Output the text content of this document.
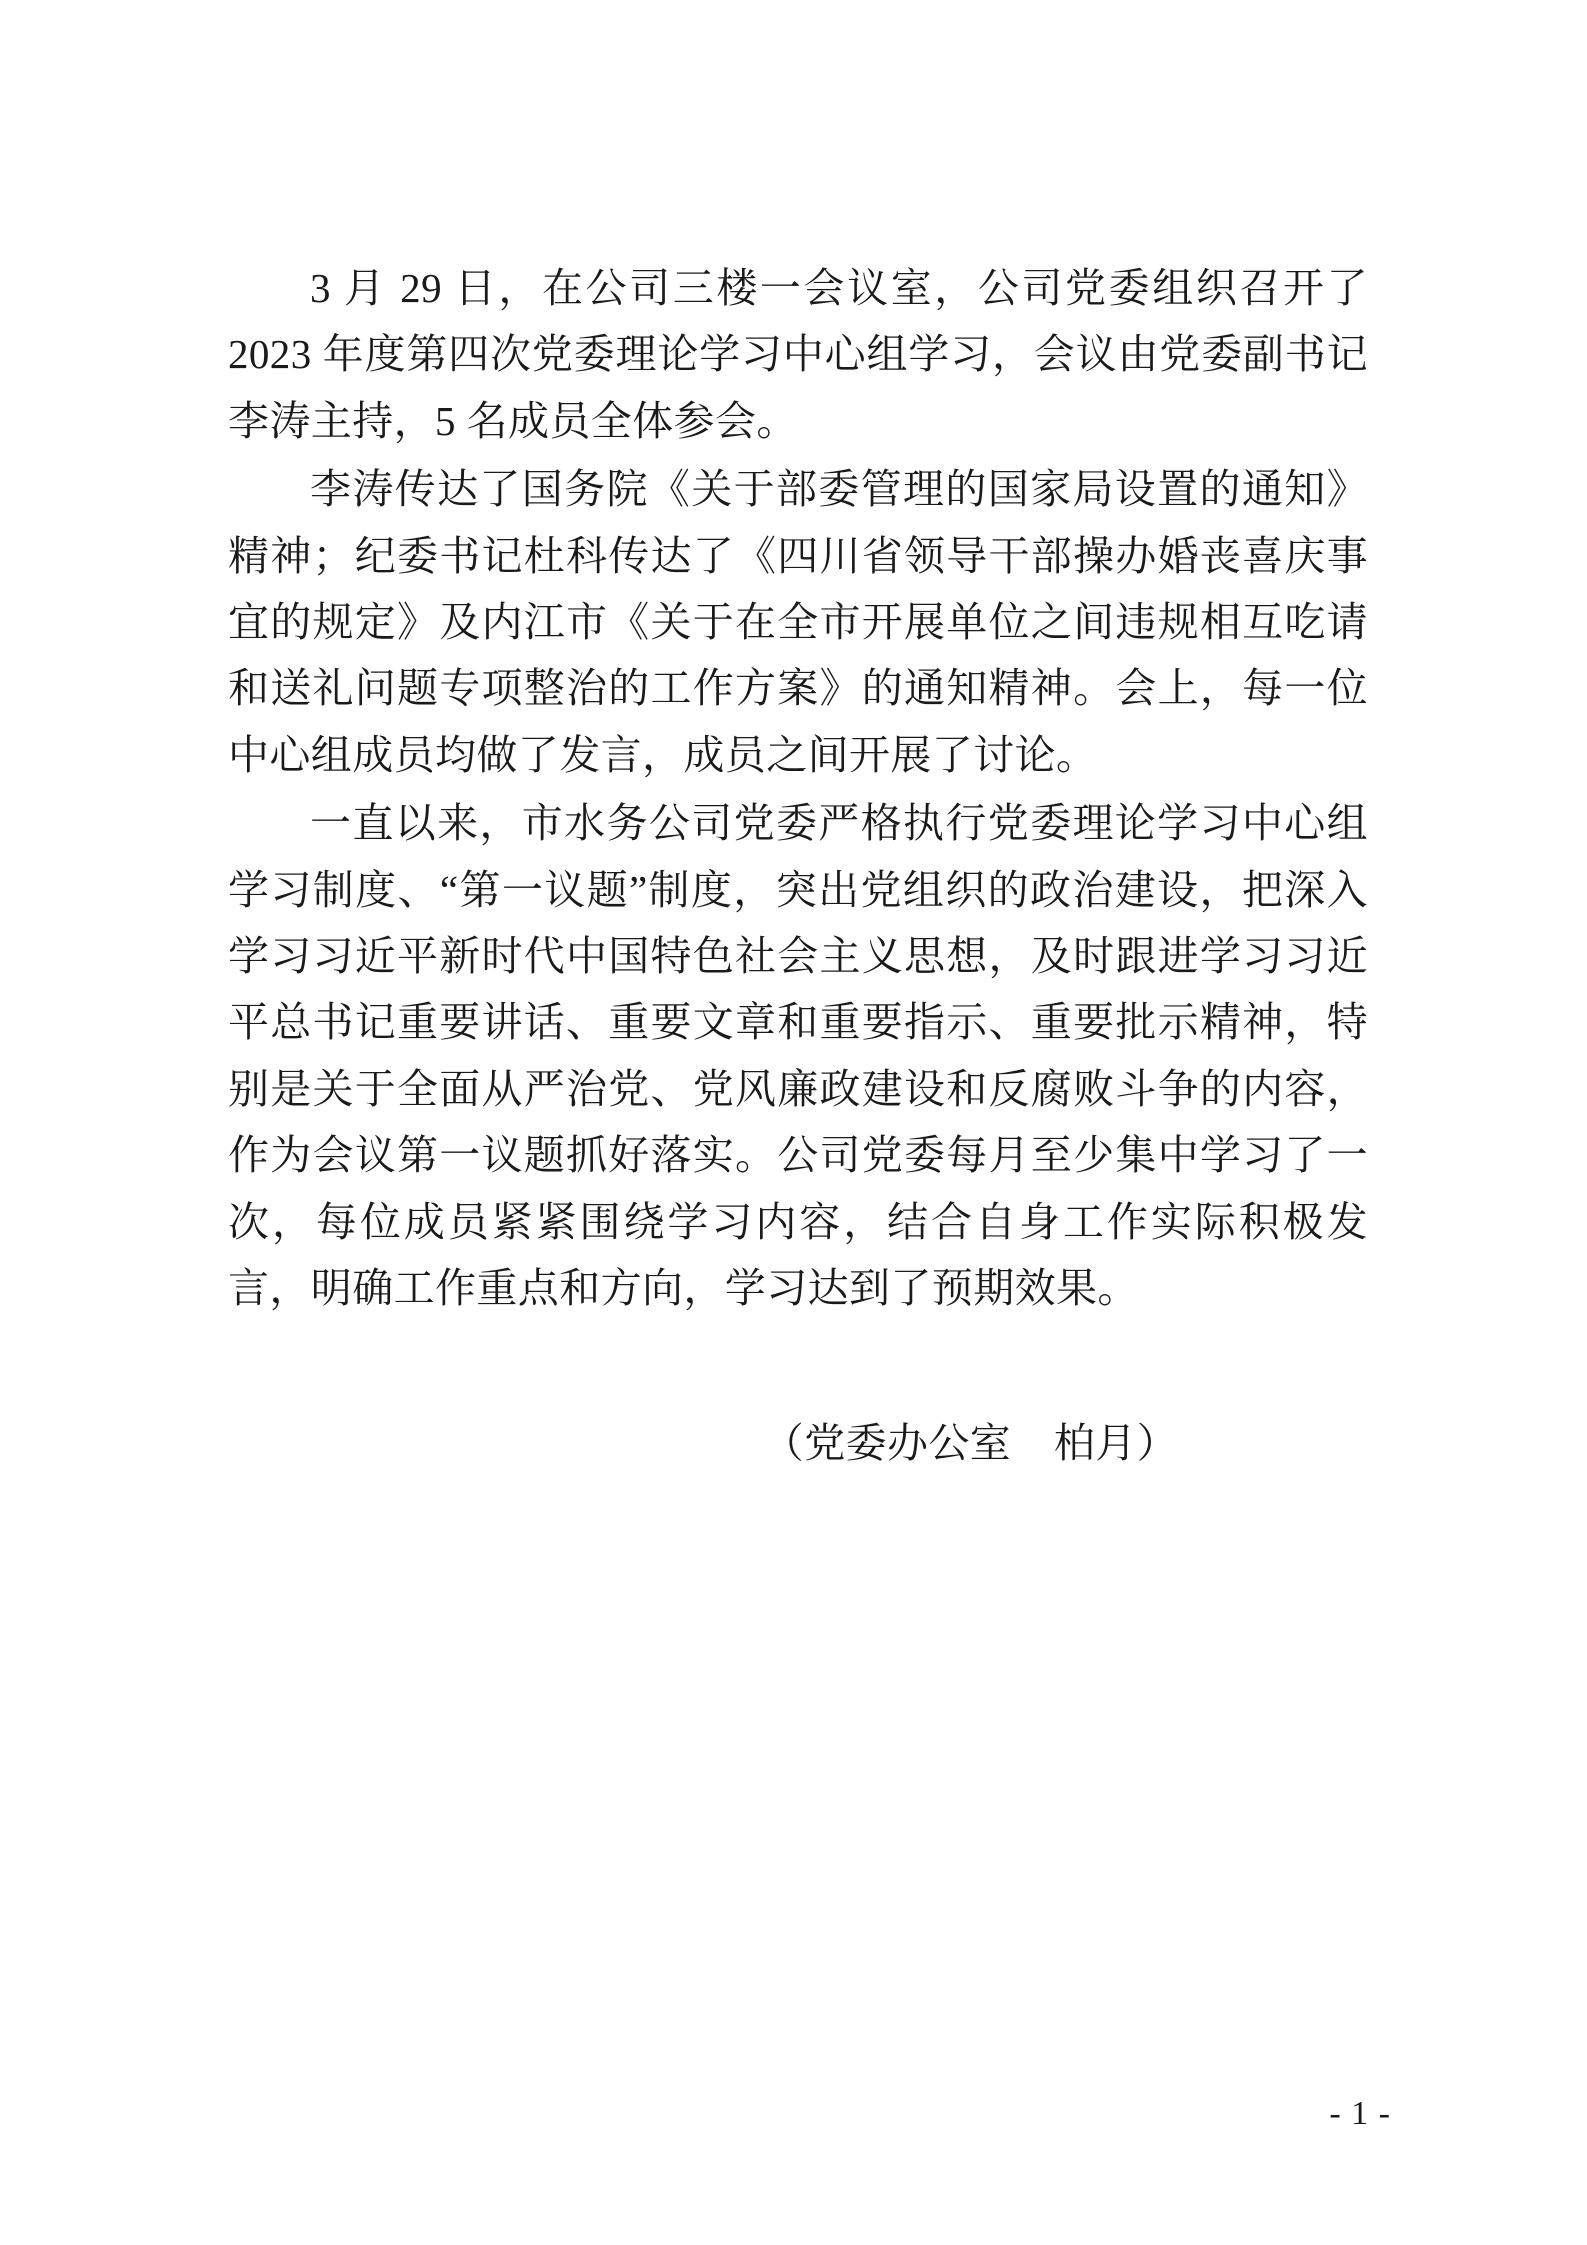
3 月 29 日，在公司三楼一会议室，公司党委组织召开了 2023 年度第四次党委理论学习中心组学习，会议由党委副书记李涛主持，5 名成员全体参会。

李涛传达了国务院《关于部委管理的国家局设置的通知》精神；纪委书记杜科传达了《四川省领导干部操办婚丧喜庆事宜的规定》及内江市《关于在全市开展单位之间违规相互吃请和送礼问题专项整治的工作方案》的通知精神。会上，每一位中心组成员均做了发言，成员之间开展了讨论。

一直以来，市水务公司党委严格执行党委理论学习中心组学习制度、“第一议题”制度，突出党组织的政治建设，把深入学习习近平新时代中国特色社会主义思想，及时跟进学习习近平总书记重要讲话、重要文章和重要指示、重要批示精神，特别是关于全面从严治党、党风廉政建设和反腐败斗争的内容，作为会议第一议题抓好落实。公司党委每月至少集中学习了一次，每位成员紧紧围绕学习内容，结合自身工作实际积极发言，明确工作重点和方向，学习达到了预期效果。

（党委办公室    柏月）
- 1 -
